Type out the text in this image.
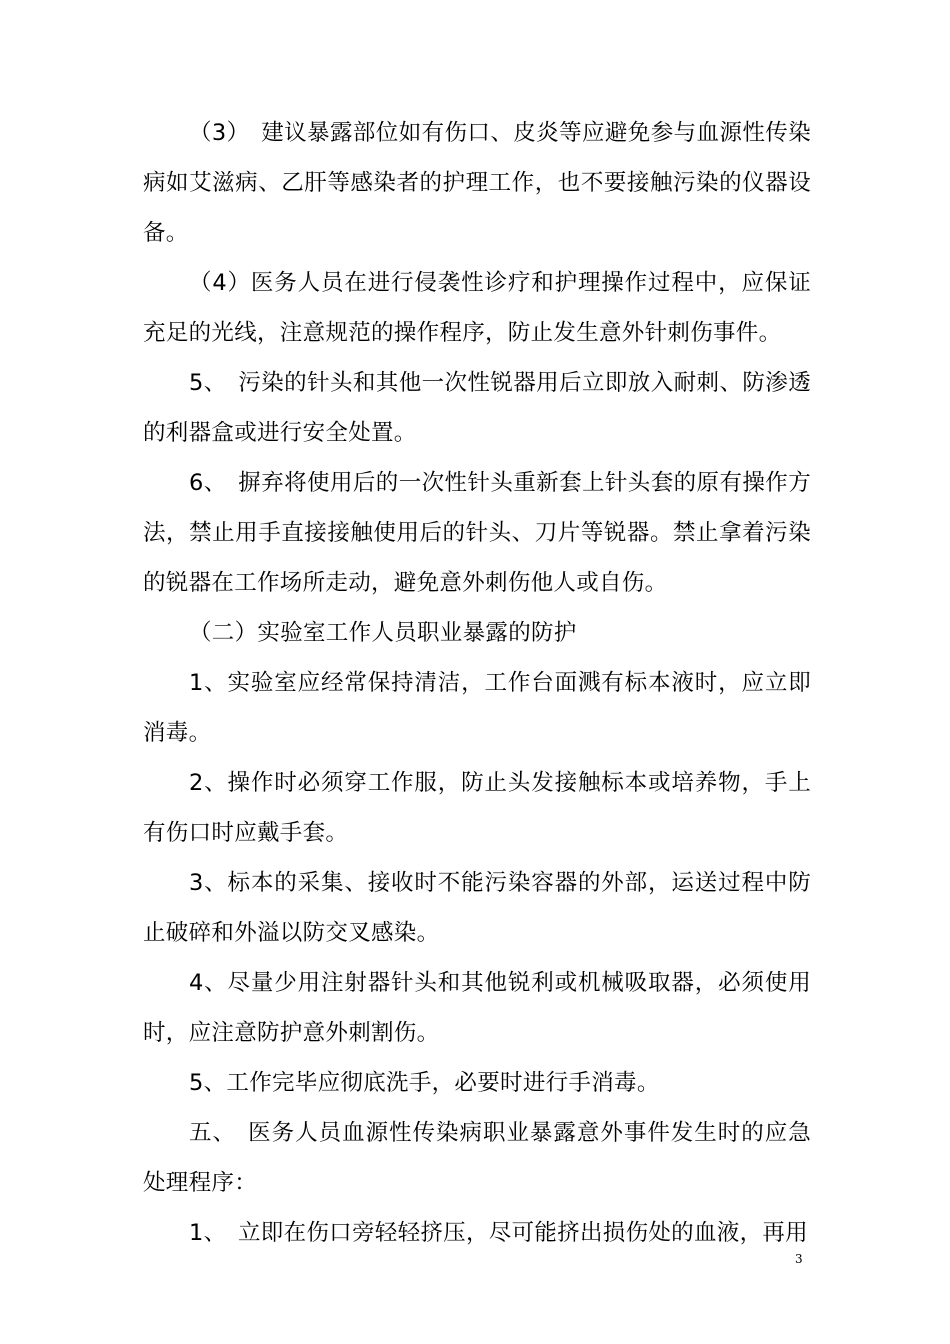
（3）　建议暴露部位如有伤口、皮炎等应避免参与血源性传染病如艾滋病、乙肝等感染者的护理工作，也不要接触污染的仪器设备。

（4）医务人员在进行侵袭性诊疗和护理操作过程中，应保证充足的光线，注意规范的操作程序，防止发生意外针刺伤事件。

5、　污染的针头和其他一次性锐器用后立即放入耐刺、防渗透的利器盒或进行安全处置。

6、　摒弃将使用后的一次性针头重新套上针头套的原有操作方法，禁止用手直接接触使用后的针头、刀片等锐器。禁止拿着污染的锐器在工作场所走动，避免意外刺伤他人或自伤。

（二）实验室工作人员职业暴露的防护

1、实验室应经常保持清洁，工作台面溅有标本液时，应立即消毒。

2、操作时必须穿工作服，防止头发接触标本或培养物，手上有伤口时应戴手套。

3、标本的采集、接收时不能污染容器的外部，运送过程中防止破碎和外溢以防交叉感染。

4、尽量少用注射器针头和其他锐利或机械吸取器，必须使用时，应注意防护意外刺割伤。

5、工作完毕应彻底洗手，必要时进行手消毒。

五、　医务人员血源性传染病职业暴露意外事件发生时的应急处理程序：

1、　立即在伤口旁轻轻挤压，尽可能挤出损伤处的血液，再用

3
